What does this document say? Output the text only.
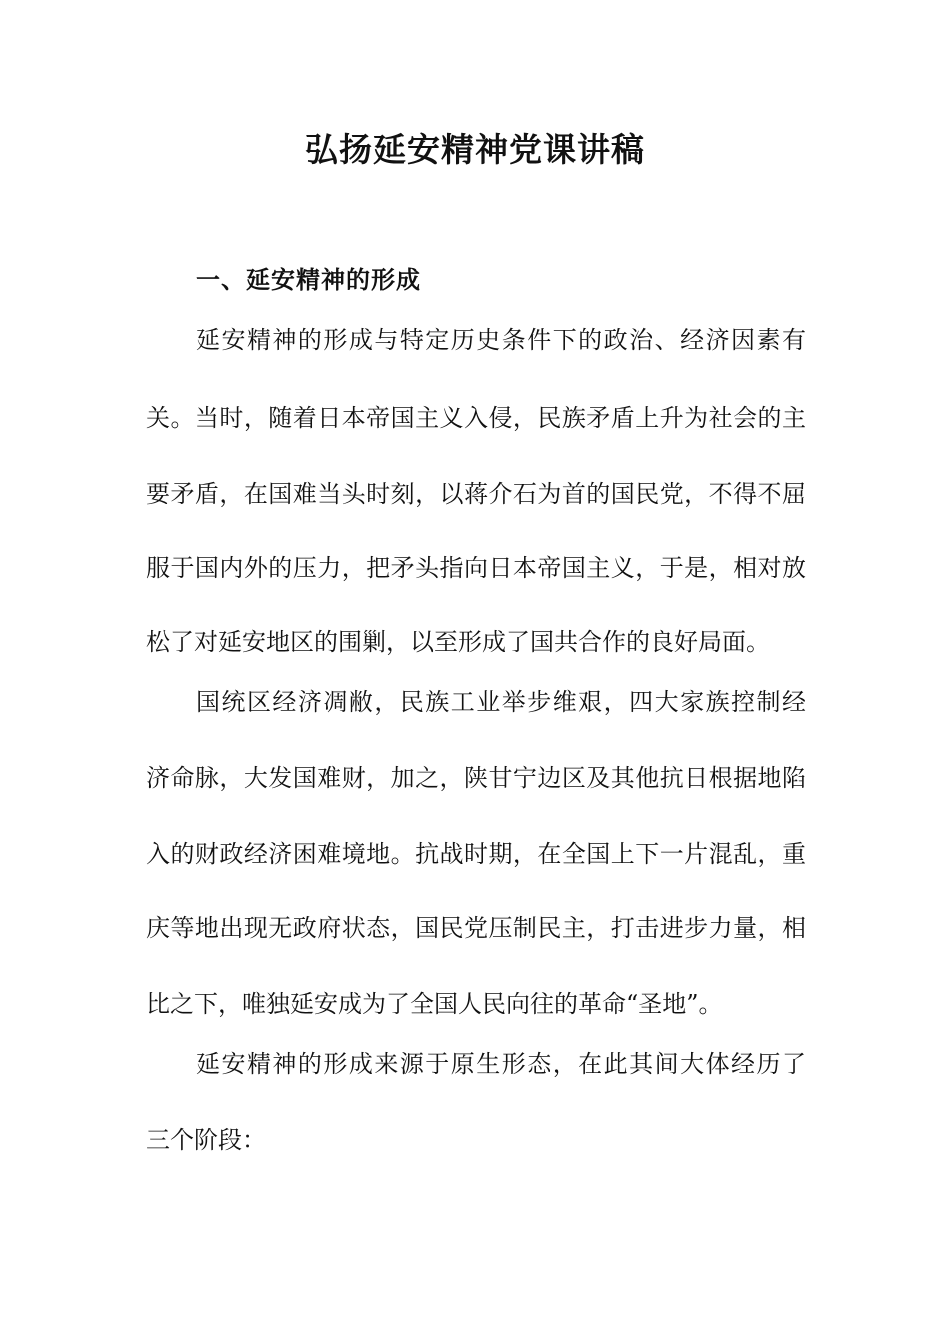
弘扬延安精神党课讲稿
一、延安精神的形成
延安精神的形成与特定历史条件下的政治、经济因素有
关。当时，随着日本帝国主义入侵，民族矛盾上升为社会的主
要矛盾，在国难当头时刻，以蒋介石为首的国民党，不得不屈
服于国内外的压力，把矛头指向日本帝国主义，于是，相对放
松了对延安地区的围剿，以至形成了国共合作的良好局面。
国统区经济凋敝，民族工业举步维艰，四大家族控制经
济命脉，大发国难财，加之，陕甘宁边区及其他抗日根据地陷
入的财政经济困难境地。抗战时期，在全国上下一片混乱，重
庆等地出现无政府状态，国民党压制民主，打击进步力量，相
比之下，唯独延安成为了全国人民向往的革命“圣地”。
延安精神的形成来源于原生形态，在此其间大体经历了
三个阶段：
